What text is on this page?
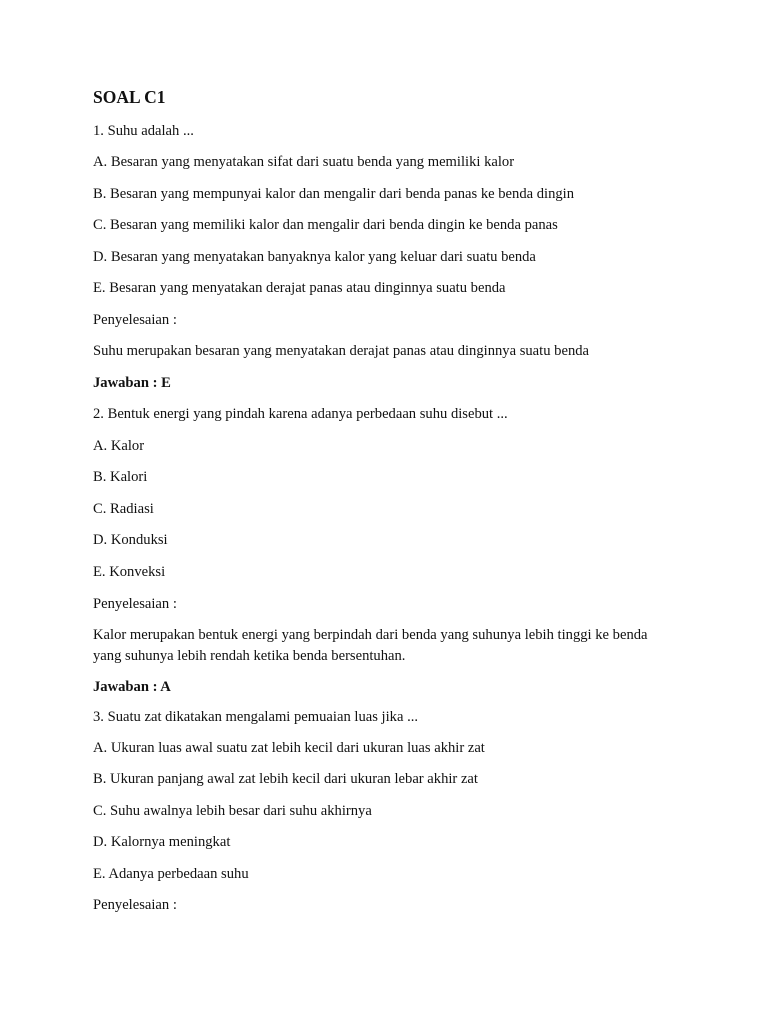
SOAL C1
1. Suhu adalah ...
A. Besaran yang menyatakan sifat dari suatu benda yang memiliki kalor
B. Besaran yang mempunyai kalor dan mengalir dari benda panas ke benda dingin
C. Besaran yang memiliki kalor dan mengalir dari benda dingin ke benda panas
D. Besaran yang menyatakan banyaknya kalor yang keluar dari suatu benda
E. Besaran yang menyatakan derajat panas atau dinginnya suatu benda
Penyelesaian :
Suhu merupakan besaran yang menyatakan derajat panas atau dinginnya suatu benda
Jawaban : E
2. Bentuk energi yang pindah karena adanya perbedaan suhu disebut ...
A. Kalor
B. Kalori
C. Radiasi
D. Konduksi
E. Konveksi
Penyelesaian :
Kalor merupakan bentuk energi yang berpindah dari benda yang suhunya lebih tinggi ke benda yang suhunya lebih rendah ketika benda bersentuhan.
Jawaban : A
3. Suatu zat dikatakan mengalami pemuaian luas jika ...
A. Ukuran luas awal suatu zat lebih kecil dari ukuran luas akhir zat
B. Ukuran panjang awal zat lebih kecil dari ukuran lebar akhir zat
C. Suhu awalnya lebih besar dari suhu akhirnya
D. Kalornya meningkat
E. Adanya perbedaan suhu
Penyelesaian :
